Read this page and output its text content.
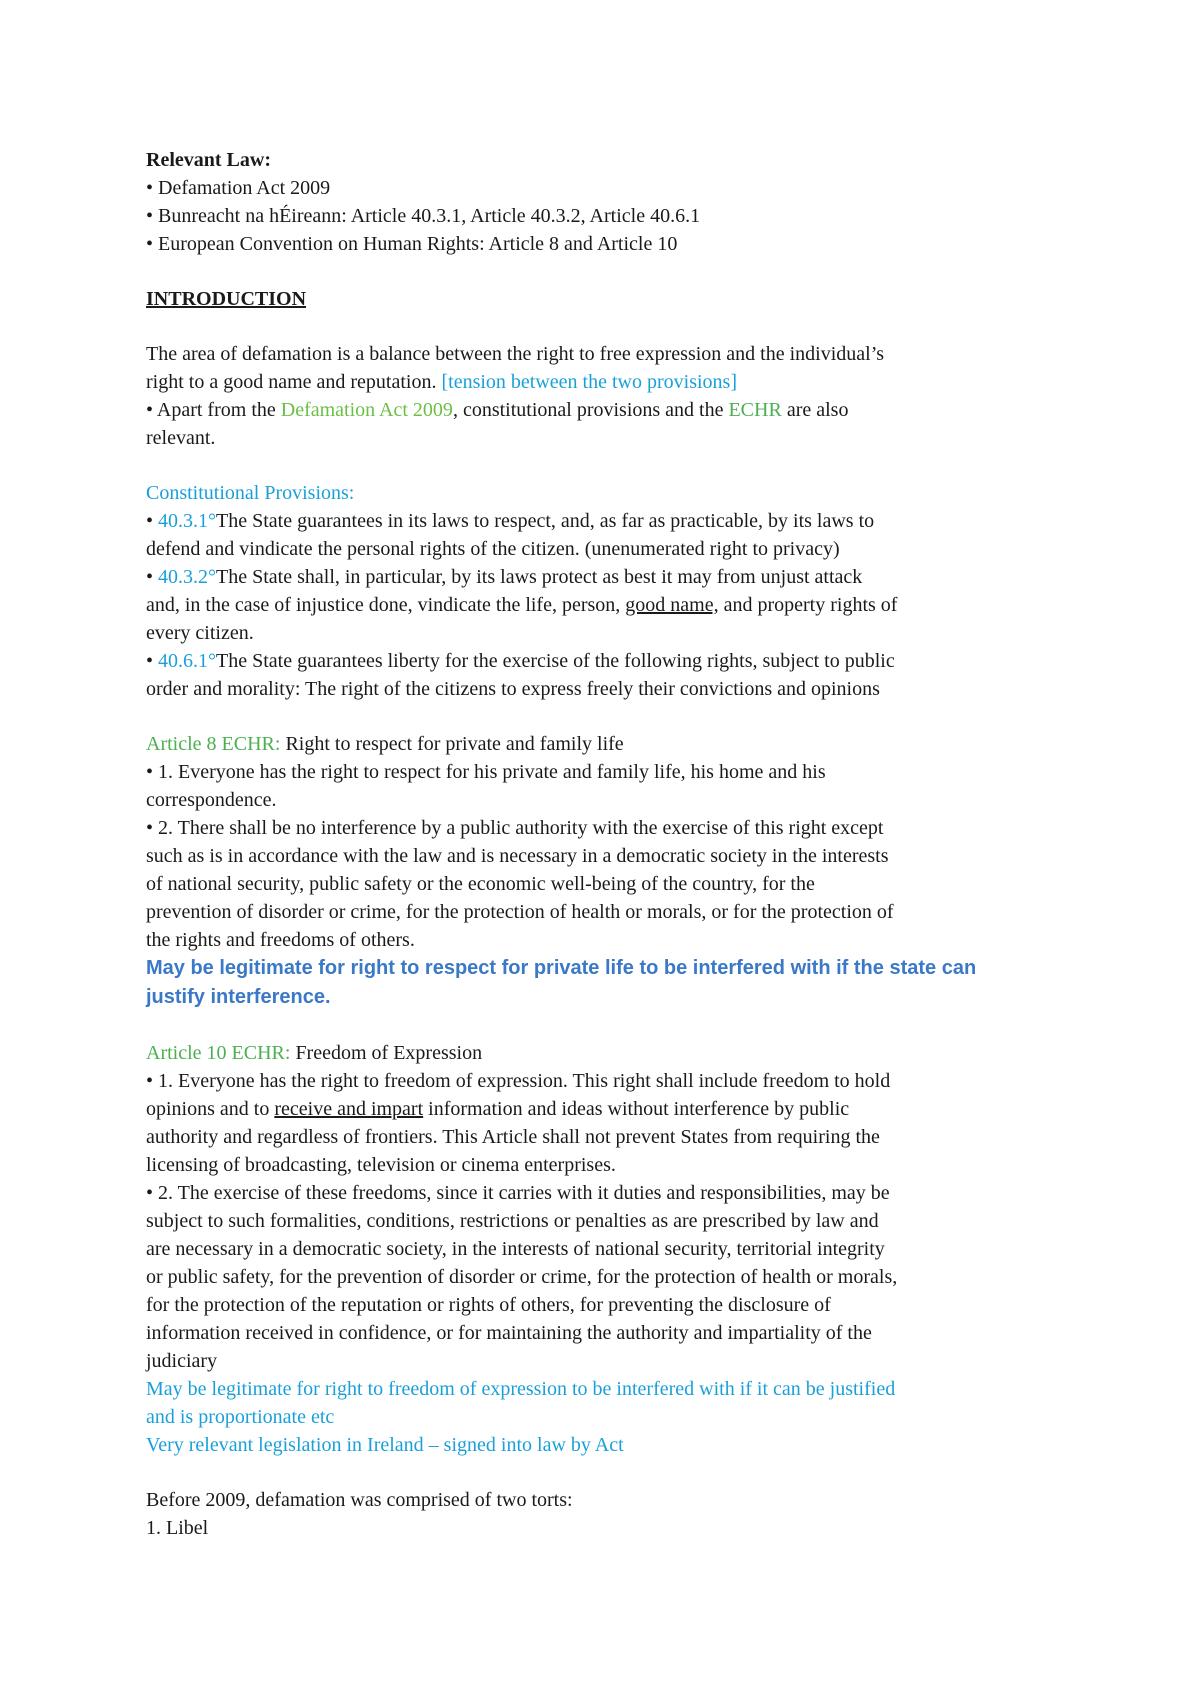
Relevant Law:
• Defamation Act 2009
• Bunreacht na hÉireann: Article 40.3.1, Article 40.3.2, Article 40.6.1
• European Convention on Human Rights: Article 8 and Article 10
INTRODUCTION
The area of defamation is a balance between the right to free expression and the individual’s
right to a good name and reputation. [tension between the two provisions]
• Apart from the Defamation Act 2009, constitutional provisions and the ECHR are also
relevant.
Constitutional Provisions:
• 40.3.1°The State guarantees in its laws to respect, and, as far as practicable, by its laws to
defend and vindicate the personal rights of the citizen. (unenumerated right to privacy)
• 40.3.2°The State shall, in particular, by its laws protect as best it may from unjust attack
and, in the case of injustice done, vindicate the life, person, good name, and property rights of
every citizen.
• 40.6.1°The State guarantees liberty for the exercise of the following rights, subject to public
order and morality: The right of the citizens to express freely their convictions and opinions
Article 8 ECHR: Right to respect for private and family life
• 1. Everyone has the right to respect for his private and family life, his home and his
correspondence.
• 2. There shall be no interference by a public authority with the exercise of this right except
such as is in accordance with the law and is necessary in a democratic society in the interests
of national security, public safety or the economic well-being of the country, for the
prevention of disorder or crime, for the protection of health or morals, or for the protection of
the rights and freedoms of others.
May be legitimate for right to respect for private life to be interfered with if the state can
justify interference.
Article 10 ECHR: Freedom of Expression
• 1. Everyone has the right to freedom of expression. This right shall include freedom to hold
opinions and to receive and impart information and ideas without interference by public
authority and regardless of frontiers. This Article shall not prevent States from requiring the
licensing of broadcasting, television or cinema enterprises.
• 2. The exercise of these freedoms, since it carries with it duties and responsibilities, may be
subject to such formalities, conditions, restrictions or penalties as are prescribed by law and
are necessary in a democratic society, in the interests of national security, territorial integrity
or public safety, for the prevention of disorder or crime, for the protection of health or morals,
for the protection of the reputation or rights of others, for preventing the disclosure of
information received in confidence, or for maintaining the authority and impartiality of the
judiciary
May be legitimate for right to freedom of expression to be interfered with if it can be justified
and is proportionate etc
Very relevant legislation in Ireland – signed into law by Act
Before 2009, defamation was comprised of two torts:
1. Libel
